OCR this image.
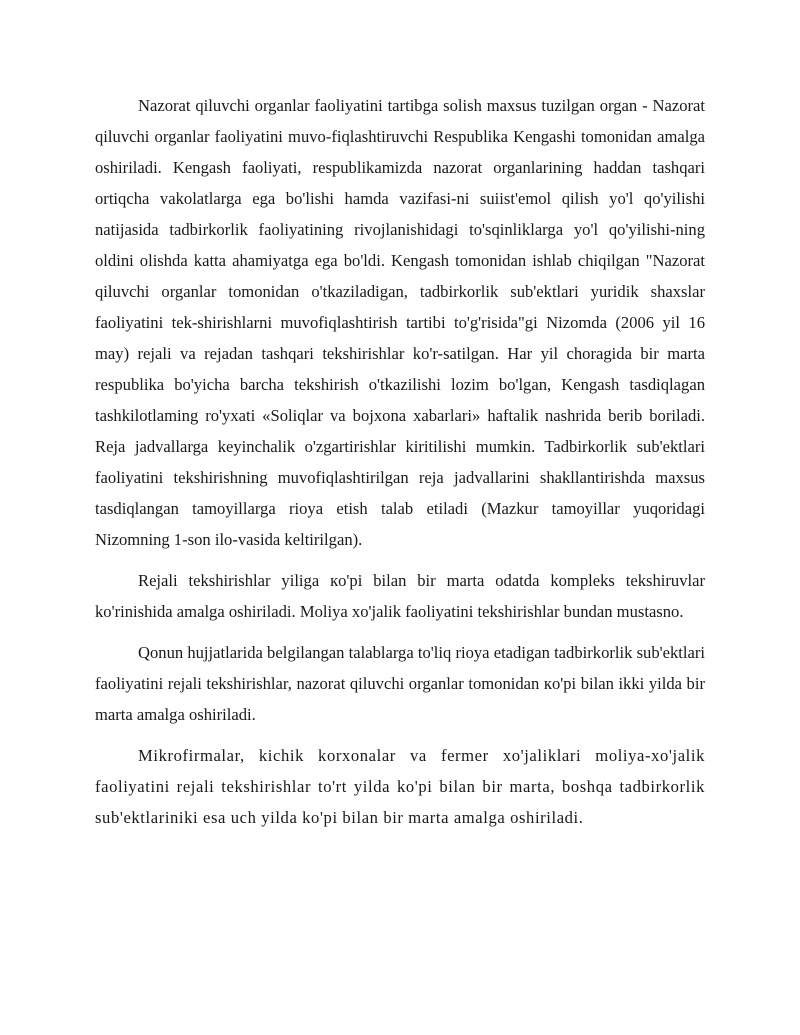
Nazorat qiluvchi organlar faoliyatini tartibga solish maxsus tuzilgan organ - Nazorat qiluvchi organlar faoliyatini muvo-fiqlashtiruvchi Respublika Kengashi tomonidan amalga oshiriladi. Kengash faoliyati, respublikamizda nazorat organlarining haddan tashqari ortiqcha vakolatlarga ega bo'lishi hamda vazifasi-ni suiist'emol qilish yo'l qo'yilishi natijasida tadbirkorlik faoliyatining rivojlanishidagi to'sqinliklarga yo'l qo'yilishi-ning oldini olishda katta ahamiyatga ega bo'ldi. Kengash tomonidan ishlab chiqilgan "Nazorat qiluvchi organlar tomonidan o'tkaziladigan, tadbirkorlik sub'ektlari yuridik shaxslar faoliyatini tek-shirishlarni muvofiqlashtirish tartibi to'g'risida"gi Nizomda (2006 yil 16 may) rejali va rejadan tashqari tekshirishlar ko'r-satilgan. Har yil choragida bir marta respublika bo'yicha barcha tekshirish o'tkazilishi lozim bo'lgan, Kengash tasdiqlagan tashkilotlaming ro'yxati «Soliqlar va bojxona xabarlari» haftalik nashrida berib boriladi. Reja jadvallarga keyinchalik o'zgartirishlar kiritilishi mumkin. Tadbirkorlik sub'ektlari faoliyatini tekshirishning muvofiqlashtirilgan reja jadvallarini shakllantirishda maxsus tasdiqlangan tamoyillarga rioya etish talab etiladi (Mazkur tamoyillar yuqoridagi Nizomning 1-son ilo-vasida keltirilgan).

Rejali tekshirishlar yiliga кo'pi bilan bir marta odatda kompleks tekshiruvlar ko'rinishida amalga oshiriladi. Moliya xo'jalik faoliyatini tekshirishlar bundan mustasno.

Qonun hujjatlarida belgilangan talablarga to'liq rioya etadigan tadbirkorlik sub'ektlari faoliyatini rejali tekshirishlar, nazorat qiluvchi organlar tomonidan кo'pi bilan ikki yilda bir marta amalga oshiriladi.

Mikrofirmalar, kichik korxonalar va fermer xo'jaliklari moliya-xo'jalik faoliyatini rejali tekshirishlar to'rt yilda ko'pi bilan bir marta, boshqa tadbirkorlik sub'ektlariniki esa uch yilda ko'pi bilan bir marta amalga oshiriladi.
